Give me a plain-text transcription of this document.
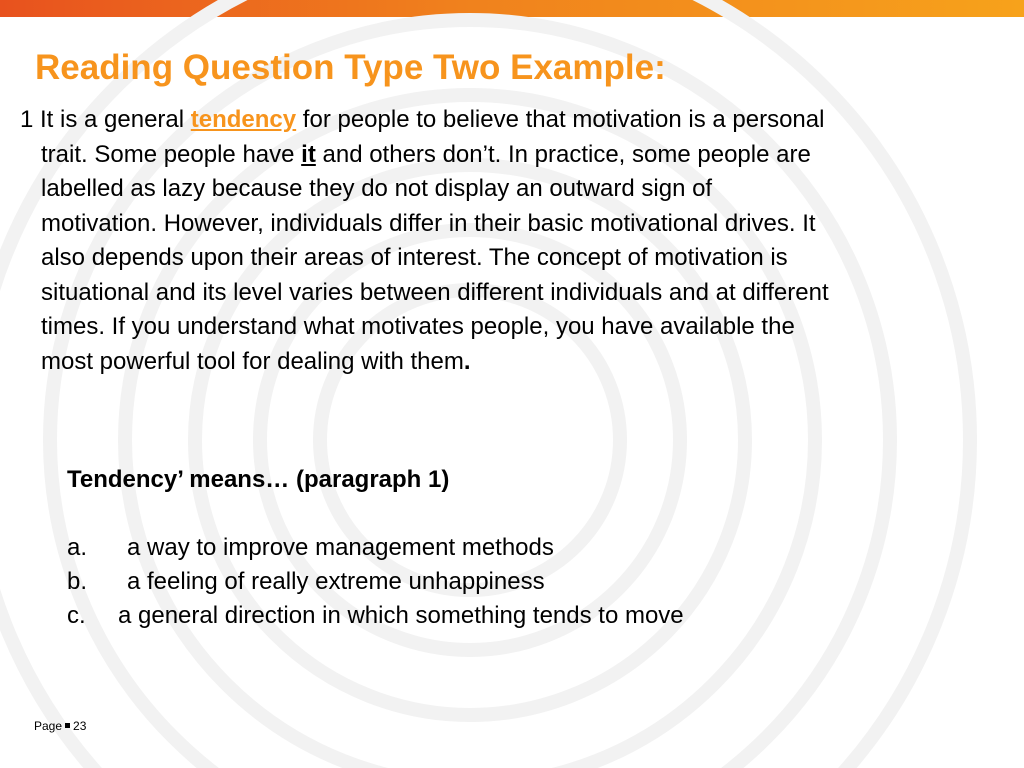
Reading Question Type Two Example:
1 It is a general tendency for people to believe that motivation is a personal
trait. Some people have it and others don’t. In practice, some people are
labelled as lazy because they do not display an outward sign of
motivation. However, individuals differ in their basic motivational drives. It
also depends upon their areas of interest. The concept of motivation is
situational and its level varies between different individuals and at different
times. If you understand what motivates people, you have available the
most powerful tool for dealing with them.
Tendency’ means… (paragraph 1)
a. a way to improve management methods
b. a feeling of really extreme unhappiness
c. a general direction in which something tends to move
Page 23
